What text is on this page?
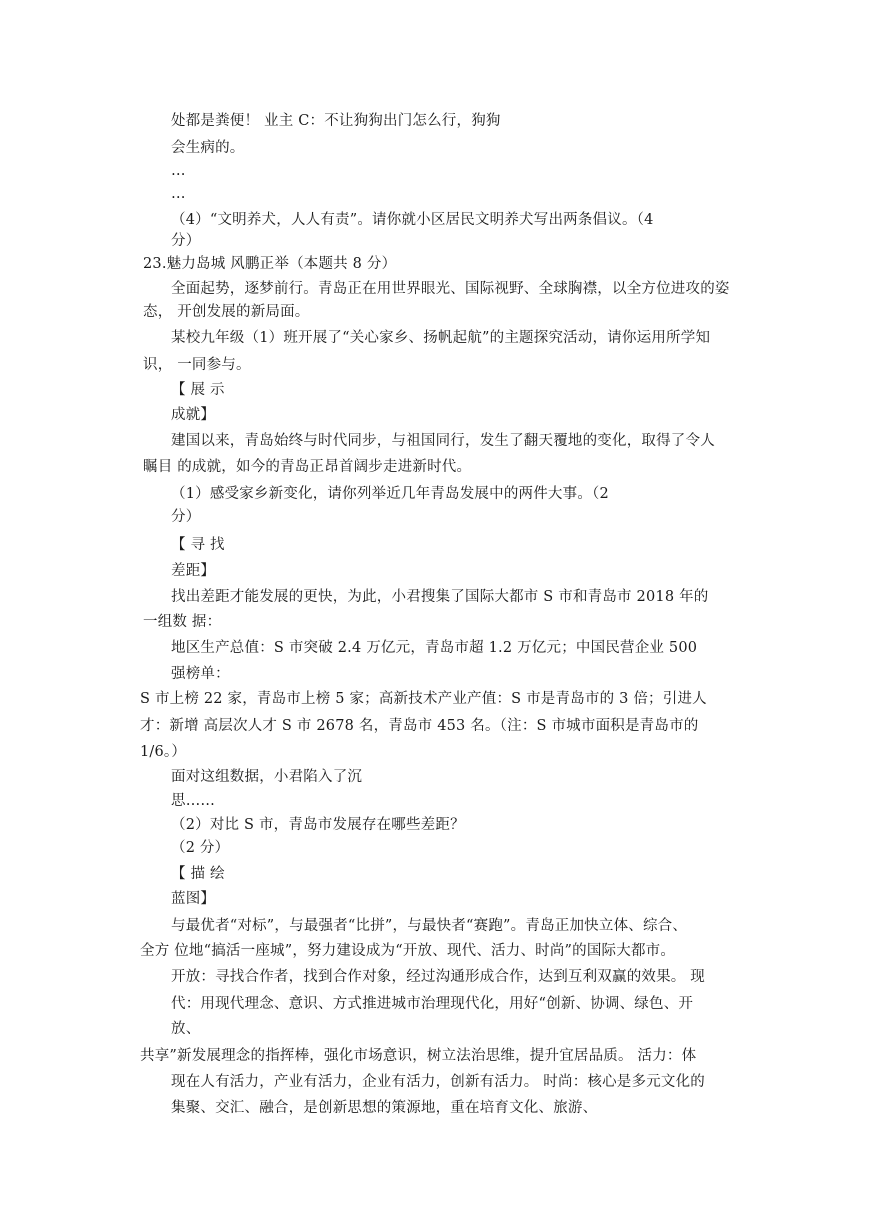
处都是粪便！ 业主 C：不让狗狗出门怎么行，狗狗
会生病的。
…
…
（4）“文明养犬，人人有责”。请你就小区居民文明养犬写出两条倡议。（4
分）
23.魅力岛城 风鹏正举（本题共 8 分）
全面起势，逐梦前行。青岛正在用世界眼光、国际视野、全球胸襟，以全方位进攻的姿
态， 开创发展的新局面。
某校九年级（1）班开展了“关心家乡、扬帆起航”的主题探究活动，请你运用所学知
识， 一同参与。
【 展 示
成就】
建国以来，青岛始终与时代同步，与祖国同行，发生了翻天覆地的变化，取得了令人
瞩目 的成就，如今的青岛正昂首阔步走进新时代。
（1）感受家乡新变化，请你列举近几年青岛发展中的两件大事。（2
分）
【 寻 找
差距】
找出差距才能发展的更快，为此，小君搜集了国际大都市 S 市和青岛市 2018 年的
一组数 据：
地区生产总值：S 市突破 2.4 万亿元，青岛市超 1.2 万亿元；中国民营企业 500
强榜单：
S 市上榜 22 家，青岛市上榜 5 家；高新技术产业产值：S 市是青岛市的 3 倍；引进人
才：新增 高层次人才 S 市 2678 名，青岛市 453 名。（注：S 市城市面积是青岛市的
1/6。）
面对这组数据，小君陷入了沉
思……
（2）对比 S 市，青岛市发展存在哪些差距？
（2 分）
【 描 绘
蓝图】
与最优者“对标”，与最强者“比拼”，与最快者“赛跑”。青岛正加快立体、综合、
全方 位地“搞活一座城”，努力建设成为“开放、现代、活力、时尚”的国际大都市。
开放：寻找合作者，找到合作对象，经过沟通形成合作，达到互利双赢的效果。 现
代：用现代理念、意识、方式推进城市治理现代化，用好“创新、协调、绿色、开
放、
共享”新发展理念的指挥棒，强化市场意识，树立法治思维，提升宜居品质。 活力：体
现在人有活力，产业有活力，企业有活力，创新有活力。 时尚：核心是多元文化的
集聚、交汇、融合，是创新思想的策源地，重在培育文化、旅游、
